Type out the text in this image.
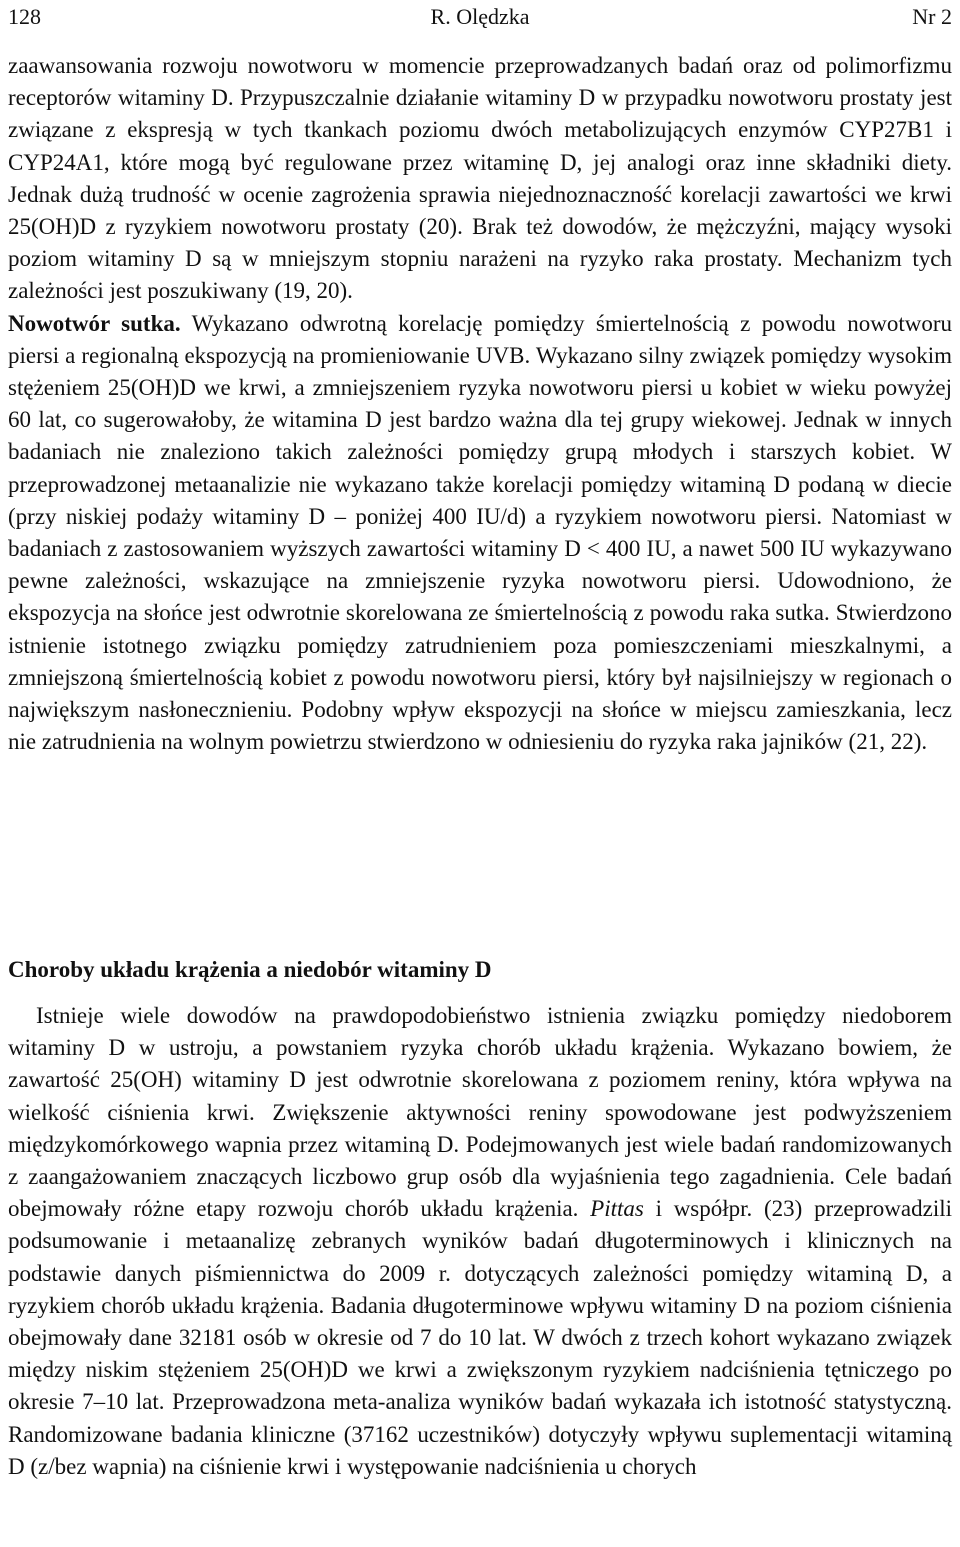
128	R. Olędzka	Nr 2

zaawansowania rozwoju nowotworu w momencie przeprowadzanych badań oraz od polimorfizmu receptorów witaminy D. Przypuszczalnie działanie witaminy D w przypadku nowotworu prostaty jest związane z ekspresją w tych tkankach poziomu dwóch metabolizujących enzymów CYP27B1 i CYP24A1, które mogą być regulowane przez witaminę D, jej analogi oraz inne składniki diety. Jednak dużą trudność w ocenie zagrożenia sprawia niejednoznaczność korelacji zawartości we krwi 25(OH)D z ryzykiem nowotworu prostaty (20). Brak też dowodów, że mężczyźni, mający wysoki poziom witaminy D są w mniejszym stopniu narażeni na ryzyko raka prostaty. Mechanizm tych zależności jest poszukiwany (19, 20).

Nowotwór sutka. Wykazano odwrotną korelację pomiędzy śmiertelnością z powodu nowotworu piersi a regionalną ekspozycją na promieniowanie UVB. Wykazano silny związek pomiędzy wysokim stężeniem 25(OH)D we krwi, a zmniejszeniem ryzyka nowotworu piersi u kobiet w wieku powyżej 60 lat, co sugerowałoby, że witamina D jest bardzo ważna dla tej grupy wiekowej. Jednak w innych badaniach nie znaleziono takich zależności pomiędzy grupą młodych i starszych kobiet. W przeprowadzonej metaanalizie nie wykazano także korelacji pomiędzy witaminą D podaną w diecie (przy niskiej podaży witaminy D – poniżej 400 IU/d) a ryzykiem nowotworu piersi. Natomiast w badaniach z zastosowaniem wyższych zawartości witaminy D < 400 IU, a nawet 500 IU wykazywano pewne zależności, wskazujące na zmniejszenie ryzyka nowotworu piersi. Udowodniono, że ekspozycja na słońce jest odwrotnie skorelowana ze śmiertelnością z powodu raka sutka. Stwierdzono istnienie istotnego związku pomiędzy zatrudnieniem poza pomieszczeniami mieszkalnymi, a zmniejszoną śmiertelnością kobiet z powodu nowotworu piersi, który był najsilniejszy w regionach o największym nasłonecznieniu. Podobny wpływ ekspozycji na słońce w miejscu zamieszkania, lecz nie zatrudnienia na wolnym powietrzu stwierdzono w odniesieniu do ryzyka raka jajników (21, 22).

Choroby układu krążenia a niedobór witaminy D

Istnieje wiele dowodów na prawdopodobieństwo istnienia związku pomiędzy niedoborem witaminy D w ustroju, a powstaniem ryzyka chorób układu krążenia. Wykazano bowiem, że zawartość 25(OH) witaminy D jest odwrotnie skorelowana z poziomem reniny, która wpływa na wielkość ciśnienia krwi. Zwiększenie aktywności reniny spowodowane jest podwyższeniem międzykomórkowego wapnia przez witaminą D. Podejmowanych jest wiele badań randomizowanych z zaangażowaniem znaczących liczbowo grup osób dla wyjaśnienia tego zagadnienia. Cele badań obejmowały różne etapy rozwoju chorób układu krążenia. Pittas i współpr. (23) przeprowadzili podsumowanie i metaanalizę zebranych wyników badań długoterminowych i klinicznych na podstawie danych piśmiennictwa do 2009 r. dotyczących zależności pomiędzy witaminą D, a ryzykiem chorób układu krążenia. Badania długoterminowe wpływu witaminy D na poziom ciśnienia obejmowały dane 32181 osób w okresie od 7 do 10 lat. W dwóch z trzech kohort wykazano związek między niskim stężeniem 25(OH)D we krwi a zwiększonym ryzykiem nadciśnienia tętniczego po okresie 7–10 lat. Przeprowadzona meta-analiza wyników badań wykazała ich istotność statystyczną. Randomizowane badania kliniczne (37162 uczestników) dotyczyły wpływu suplementacji witaminą D (z/bez wapnia) na ciśnienie krwi i występowanie nadciśnienia u chorych
